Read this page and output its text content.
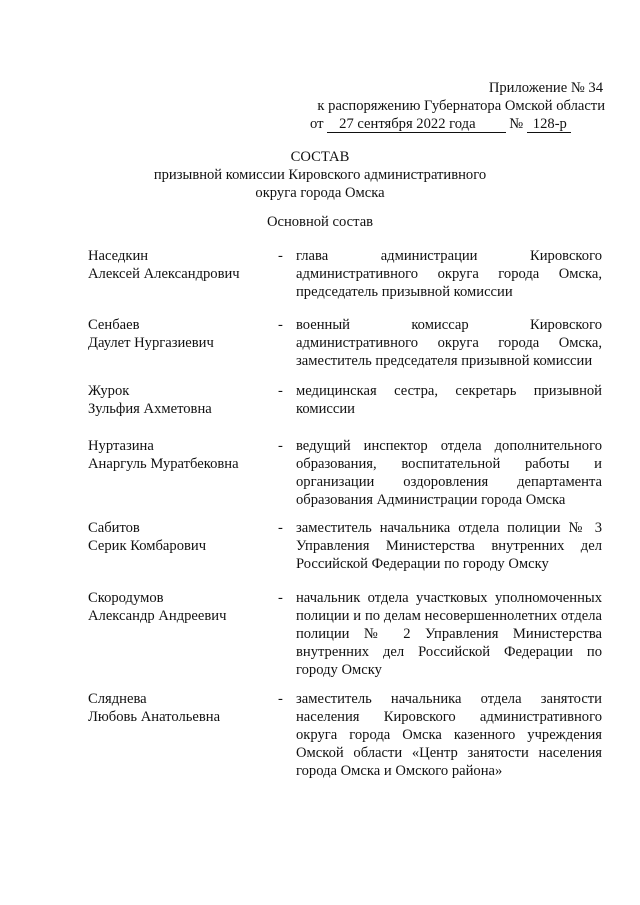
Приложение № 34
к распоряжению Губернатора Омской области
от 27 сентября 2022 года № 128-р
СОСТАВ
призывной комиссии Кировского административного
округа города Омска
Основной состав
Наседкин
Алексей Александрович
- глава администрации Кировского административного округа города Омска, председатель призывной комиссии
Сенбаев
Даулет Нургазиевич
- военный комиссар Кировского административного округа города Омска, заместитель председателя призывной комиссии
Журок
Зульфия Ахметовна
- медицинская сестра, секретарь призывной комиссии
Нуртазина
Анаргуль Муратбековна
- ведущий инспектор отдела дополнительного образования, воспитательной работы и организации оздоровления департамента образования Администрации города Омска
Сабитов
Серик Комбарович
- заместитель начальника отдела полиции № 3 Управления Министерства внутренних дел Российской Федерации по городу Омску
Скородумов
Александр Андреевич
- начальник отдела участковых уполномоченных полиции и по делам несовершеннолетних отдела полиции № 2 Управления Министерства внутренних дел Российской Федерации по городу Омску
Сляднева
Любовь Анатольевна
- заместитель начальника отдела занятости населения Кировского административного округа города Омска казенного учреждения Омской области «Центр занятости населения города Омска и Омского района»
